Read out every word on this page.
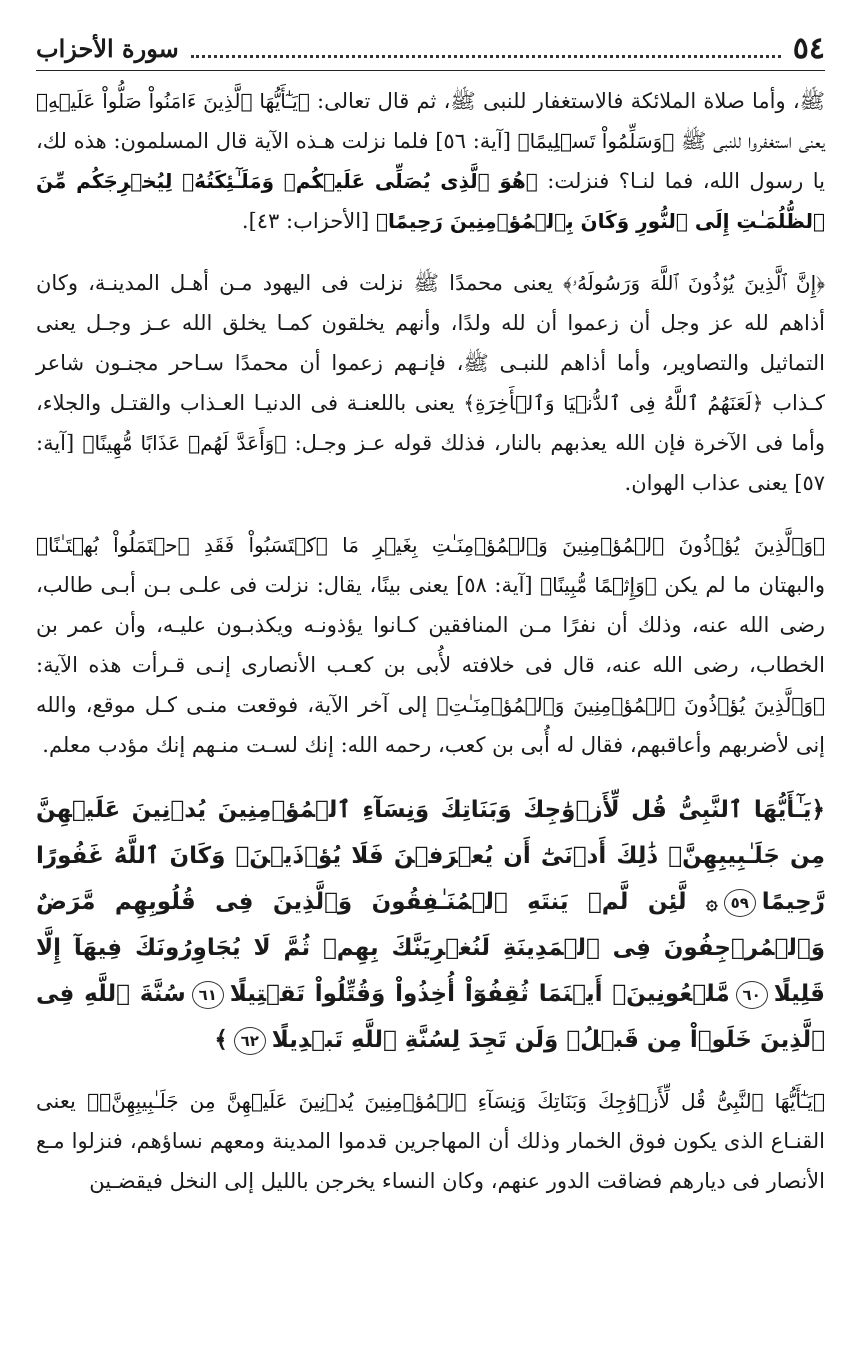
٥٤
سورة الأحزاب

ﷺ، وأما صلاة الملائكة فالاستغفار للنبى ﷺ، ثم قال تعالى: ﴿يَـٰٓأَيُّهَا ٱلَّذِينَ ءَامَنُواْ صَلُّواْ عَلَيۡهِ﴾ يعنى استغفروا للنبى ﷺ ﴿وَسَلِّمُواْ تَسۡلِيمًا﴾ [آية: ٥٦] فلما نزلت هـذه الآية قال المسلمون: هذه لك، يا رسول الله، فما لنـا؟ فنزلت: ﴿هُوَ ٱلَّذِى يُصَلِّى عَلَيۡكُمۡ وَمَلَـٰٓئِكَتُهُۥ لِيُخۡرِجَكُم مِّنَ ٱلظُّلُمَـٰتِ إِلَى ٱلنُّورِ وَكَانَ بِٱلۡمُؤۡمِنِينَ رَحِيمًا﴾ [الأحزاب: ٤٣].

﴿إِنَّ ٱلَّذِينَ يُؤۡذُونَ ٱللَّهَ وَرَسُولَهُۥ﴾ يعنى محمدًا ﷺ نزلت فى اليهود مـن أهـل المدينـة، وكان أذاهم لله عز وجل أن زعموا أن لله ولدًا، وأنهم يخلقون كمـا يخلق الله عـز وجـل يعنى التماثيل والتصاوير، وأما أذاهم للنبـى ﷺ، فإنـهم زعموا أن محمدًا سـاحر مجنـون شاعر كـذاب ﴿لَعَنَهُمُ ٱللَّهُ فِى ٱلدُّنۡيَا وَٱلۡأَخِرَةِ﴾ يعنى باللعنـة فى الدنيـا العـذاب والقتـل والجلاء، وأما فى الآخرة فإن الله يعذبهم بالنار، فذلك قوله عـز وجـل: ﴿وَأَعَدَّ لَهُمۡ عَذَابًا مُّهِينًا﴾ [آية: ٥٧] يعنى عذاب الهوان.

﴿وَٱلَّذِينَ يُؤۡذُونَ ٱلۡمُؤۡمِنِينَ وَٱلۡمُؤۡمِنَـٰتِ بِغَيۡرِ مَا ٱكۡتَسَبُواْ فَقَدِ ٱحۡتَمَلُواْ بُهۡتَـٰنًا﴾ والبهتان ما لم يكن ﴿وَإِثۡمًا مُّبِينًا﴾ [آية: ٥٨] يعنى بينًا، يقال: نزلت فى علـى بـن أبـى طالب، رضى الله عنه، وذلك أن نفرًا مـن المنافقين كـانوا يؤذونـه ويكذبـون عليـه، وأن عمر بن الخطاب، رضى الله عنه، قال فى خلافته لأُبى بن كعـب الأنصارى إنـى قـرأت هذه الآية: ﴿وَٱلَّذِينَ يُؤۡذُونَ ٱلۡمُؤۡمِنِينَ وَٱلۡمُؤۡمِنَـٰتِ﴾ إلى آخر الآية، فوقعت منـى كـل موقع، والله إنى لأضربهم وأعاقبهم، فقال له أُبى بن كعب، رحمه الله: إنك لسـت منـهم إنك مؤدب معلم.

﴿يَـٰٓأَيُّهَا ٱلنَّبِىُّ قُل لِّأَزۡوَٰجِكَ وَبَنَاتِكَ وَنِسَآءِ ٱلۡمُؤۡمِنِينَ يُدۡنِينَ عَلَيۡهِنَّ مِن جَلَـٰبِيبِهِنَّۚ ذَٰلِكَ أَدۡنَىٰٓ أَن يُعۡرَفۡنَ فَلَا يُؤۡذَيۡنَۗ وَكَانَ ٱللَّهُ غَفُورًا رَّحِيمًا٥٩۞ لَّئِن لَّمۡ يَنتَهِ ٱلۡمُنَـٰفِقُونَ وَٱلَّذِينَ فِى قُلُوبِهِم مَّرَضٌ وَٱلۡمُرۡجِفُونَ فِى ٱلۡمَدِينَةِ لَنُغۡرِيَنَّكَ بِهِمۡ ثُمَّ لَا يُجَاوِرُونَكَ فِيهَآ إِلَّا قَلِيلًا٦٠مَّلۡعُونِينَۖ أَيۡنَمَا ثُقِفُوٓاْ أُخِذُواْ وَقُتِّلُواْ تَقۡتِيلًا٦١سُنَّةَ ٱللَّهِ فِى ٱلَّذِينَ خَلَوۡاْ مِن قَبۡلُۖ وَلَن تَجِدَ لِسُنَّةِ ٱللَّهِ تَبۡدِيلًا٦٢﴾

﴿يَـٰٓأَيُّهَا ٱلنَّبِىُّ قُل لِّأَزۡوَٰجِكَ وَبَنَاتِكَ وَنِسَآءِ ٱلۡمُؤۡمِنِينَ يُدۡنِينَ عَلَيۡهِنَّ مِن جَلَـٰبِيبِهِنَّۚ﴾ يعنى القنـاع الذى يكون فوق الخمار وذلك أن المهاجرين قدموا المدينة ومعهم نساؤهم، فنزلوا مـع الأنصار فى ديارهم فضاقت الدور عنهم، وكان النساء يخرجن بالليل إلى النخل فيقضـين
